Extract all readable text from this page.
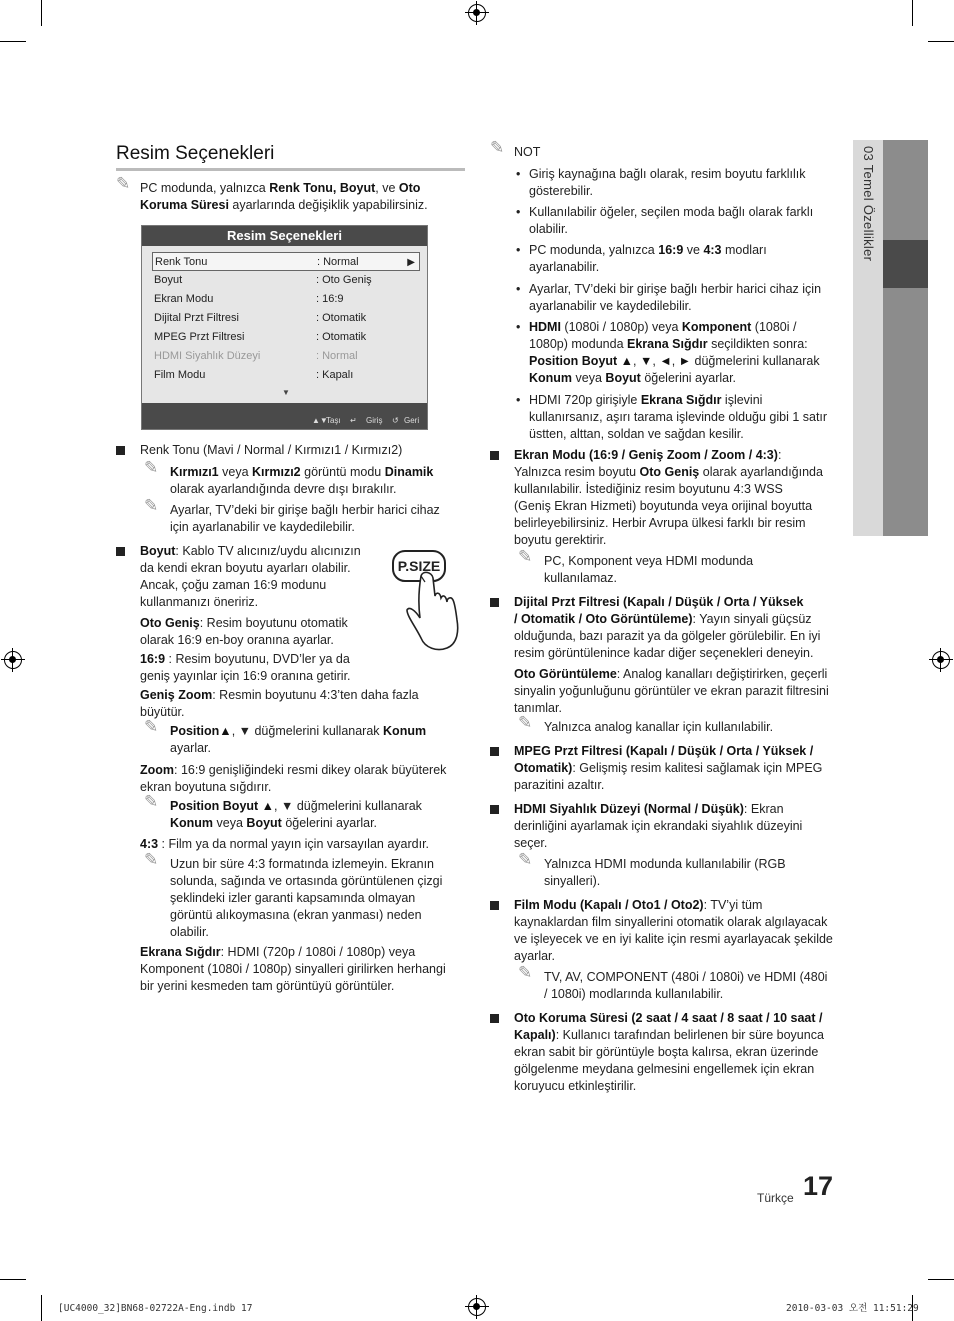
03 Temel Özellikler
Resim Seçenekleri
✎
PC modunda, yalnızca Renk Tonu, Boyut, ve Oto
Koruma Süresi ayarlarında değişiklik yapabilirsiniz.
Resim Seçenekleri
Renk Tonu	: Normal	▶
Boyut	: Oto Geniş
Ekran Modu	: 16:9
Dijital Przt Filtresi	: Otomatik
MPEG Przt Filtresi	: Otomatik
HDMI Siyahlık Düzeyi	: Normal
Film Modu	: Kapalı
▼
▲▼
Taşı ↵ Giriş ↺ Geri
Renk Tonu (Mavi / Normal / Kırmızı1 / Kırmızı2)
✎
Kırmızı1 veya Kırmızı2 görüntü modu Dinamik
olarak ayarlandığında devre dışı bırakılır.
✎
Ayarlar, TV’deki bir girişe bağlı herbir harici cihaz
için ayarlanabilir ve kaydedilebilir.
Boyut: Kablo TV alıcınız/uydu alıcınızın
da kendi ekran boyutu ayarları olabilir.
Ancak, çoğu zaman 16:9 modunu
kullanmanızı öneririz.
P.SIZE
Oto Geniş: Resim boyutunu otomatik
olarak 16:9 en-boy oranına ayarlar.
16:9 : Resim boyutunu, DVD’ler ya da
geniş yayınlar için 16:9 oranına getirir.
Geniş Zoom: Resmin boyutunu 4:3’ten daha fazla
büyütür.
✎
Position▲, ▼ düğmelerini kullanarak Konum
ayarlar.
Zoom: 16:9 genişliğindeki resmi dikey olarak büyüterek
ekran boyutuna sığdırır.
✎
Position Boyut ▲, ▼ düğmelerini kullanarak
Konum veya Boyut öğelerini ayarlar.
4:3 : Film ya da normal yayın için varsayılan ayardır.
✎
Uzun bir süre 4:3 formatında izlemeyin. Ekranın
solunda, sağında ve ortasında görüntülenen çizgi
şeklindeki izler garanti kapsamında olmayan
görüntü alıkoymasına (ekran yanması) neden
olabilir.
Ekrana Sığdır: HDMI (720p / 1080i / 1080p) veya
Komponent (1080i / 1080p) sinyalleri girilirken herhangi
bir yerini kesmeden tam görüntüyü görüntüler.
✎
NOT
• Giriş kaynağına bağlı olarak, resim boyutu farklılık
gösterebilir.
• Kullanılabilir öğeler, seçilen moda bağlı olarak farklı
olabilir.
• PC modunda, yalnızca 16:9 ve 4:3 modları
ayarlanabilir.
• Ayarlar, TV’deki bir girişe bağlı herbir harici cihaz için
ayarlanabilir ve kaydedilebilir.
• HDMI (1080i / 1080p) veya Komponent (1080i /
1080p) modunda Ekrana Sığdır seçildikten sonra:
Position Boyut ▲, ▼, ◄, ► düğmelerini kullanarak
Konum veya Boyut öğelerini ayarlar.
• HDMI 720p girişiyle Ekrana Sığdır işlevini
kullanırsanız, aşırı tarama işlevinde olduğu gibi 1 satır
üstten, alttan, soldan ve sağdan kesilir.
Ekran Modu (16:9 / Geniş Zoom / Zoom / 4:3):
Yalnızca resim boyutu Oto Geniş olarak ayarlandığında
kullanılabilir. İstediğiniz resim boyutunu 4:3 WSS
(Geniş Ekran Hizmeti) boyutunda veya orijinal boyutta
belirleyebilirsiniz. Herbir Avrupa ülkesi farklı bir resim
boyutu gerektirir.
✎
PC, Komponent veya HDMI modunda
kullanılamaz.
Dijital Przt Filtresi (Kapalı / Düşük / Orta / Yüksek
/ Otomatik / Oto Görüntüleme): Yayın sinyali güçsüz
olduğunda, bazı parazit ya da gölgeler görülebilir. En iyi
resim görüntülenince kadar diğer seçenekleri deneyin.
Oto Görüntüleme: Analog kanalları değiştirirken, geçerli
sinyalin yoğunluğunu görüntüler ve ekran parazit filtresini
tanımlar.
✎
Yalnızca analog kanallar için kullanılabilir.
MPEG Przt Filtresi (Kapalı / Düşük / Orta / Yüksek /
Otomatik): Gelişmiş resim kalitesi sağlamak için MPEG
parazitini azaltır.
HDMI Siyahlık Düzeyi (Normal / Düşük): Ekran
derinliğini ayarlamak için ekrandaki siyahlık düzeyini
seçer.
✎
Yalnızca HDMI modunda kullanılabilir (RGB
sinyalleri).
Film Modu (Kapalı / Oto1 / Oto2): TV’yi tüm
kaynaklardan film sinyallerini otomatik olarak algılayacak
ve işleyecek ve en iyi kalite için resmi ayarlayacak şekilde
ayarlar.
✎
TV, AV, COMPONENT (480i / 1080i) ve HDMI (480i
/ 1080i) modlarında kullanılabilir.
Oto Koruma Süresi (2 saat / 4 saat / 8 saat / 10 saat /
Kapalı): Kullanıcı tarafından belirlenen bir süre boyunca
ekran sabit bir görüntüyle boşta kalırsa, ekran üzerinde
gölgelenme meydana gelmesini engellemek için ekran
koruyucu etkinleştirilir.
Türkçe 17
[UC4000_32]BN68-02722A-Eng.indb 17	2010-03-03 오전 11:51:29
